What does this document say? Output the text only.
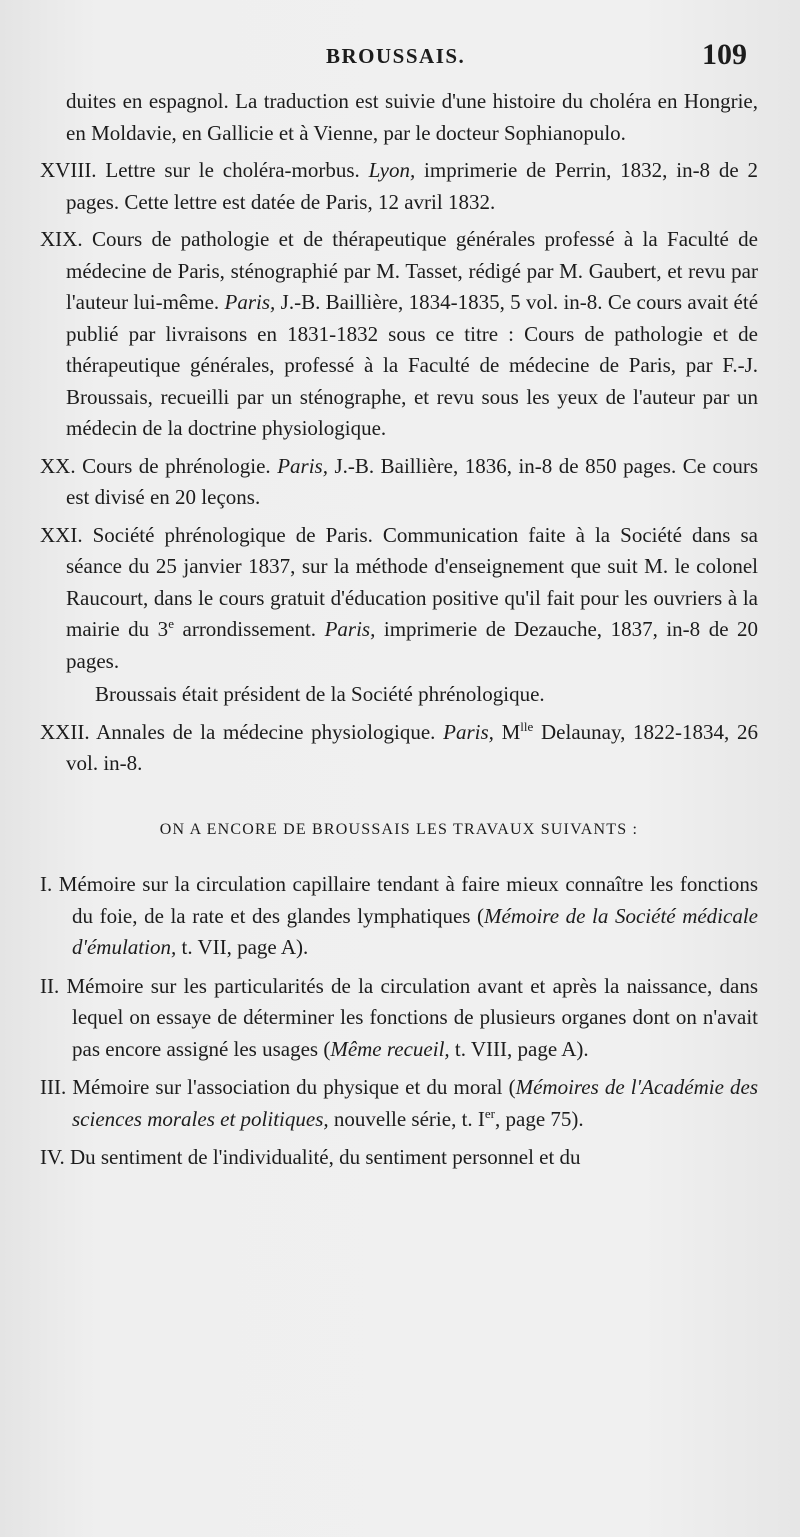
BROUSSAIS.	109

duites en espagnol. La traduction est suivie d'une histoire du choléra en Hongrie, en Moldavie, en Gallicie et à Vienne, par le docteur Sophianopulo.

XVIII. Lettre sur le choléra-morbus. Lyon, imprimerie de Perrin, 1832, in-8 de 2 pages. Cette lettre est datée de Paris, 12 avril 1832.

XIX. Cours de pathologie et de thérapeutique générales professé à la Faculté de médecine de Paris, sténographié par M. Tasset, rédigé par M. Gaubert, et revu par l'auteur lui-même. Paris, J.-B. Baillière, 1834-1835, 5 vol. in-8. Ce cours avait été publié par livraisons en 1831-1832 sous ce titre : Cours de pathologie et de thérapeutique générales, professé à la Faculté de médecine de Paris, par F.-J. Broussais, recueilli par un sténographe, et revu sous les yeux de l'auteur par un médecin de la doctrine physiologique.

XX. Cours de phrénologie. Paris, J.-B. Baillière, 1836, in-8 de 850 pages. Ce cours est divisé en 20 leçons.

XXI. Société phrénologique de Paris. Communication faite à la Société dans sa séance du 25 janvier 1837, sur la méthode d'enseignement que suit M. le colonel Raucourt, dans le cours gratuit d'éducation positive qu'il fait pour les ouvriers à la mairie du 3e arrondissement. Paris, imprimerie de Dezauche, 1837, in-8 de 20 pages.

Broussais était président de la Société phrénologique.

XXII. Annales de la médecine physiologique. Paris, $M^{lle}$ Delaunay, 1822-1834, 26 vol. in-8.

ON A ENCORE DE BROUSSAIS LES TRAVAUX SUIVANTS :

I. Mémoire sur la circulation capillaire tendant à faire mieux connaître les fonctions du foie, de la rate et des glandes lymphatiques (Mémoire de la Société médicale d'émulation, t. VII, page A).

II. Mémoire sur les particularités de la circulation avant et après la naissance, dans lequel on essaye de déterminer les fonctions de plusieurs organes dont on n'avait pas encore assigné les usages (Même recueil, t. VIII, page A).

III. Mémoire sur l'association du physique et du moral (Mémoires de l'Académie des sciences morales et politiques, nouvelle série, t. Ier, page 75).

IV. Du sentiment de l'individualité, du sentiment personnel et du
